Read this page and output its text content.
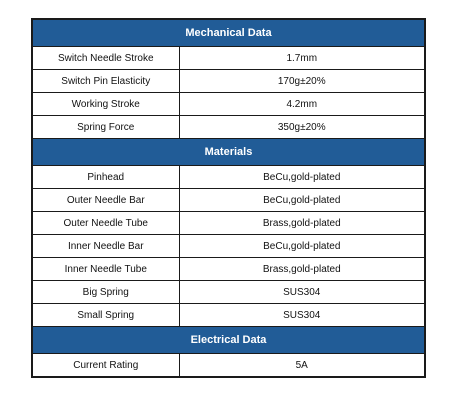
Mechanical Data	
Switch Needle Stroke	1.7mm
Switch Pin Elasticity	170g±20%
Working Stroke	4.2mm
Spring Force	350g±20%
Materials	
Pinhead	BeCu,gold-plated
Outer Needle Bar	BeCu,gold-plated
Outer Needle Tube	Brass,gold-plated
Inner Needle Bar	BeCu,gold-plated
Inner Needle Tube	Brass,gold-plated
Big Spring	SUS304
Small Spring	SUS304
Electrical Data	
Current Rating	5A
